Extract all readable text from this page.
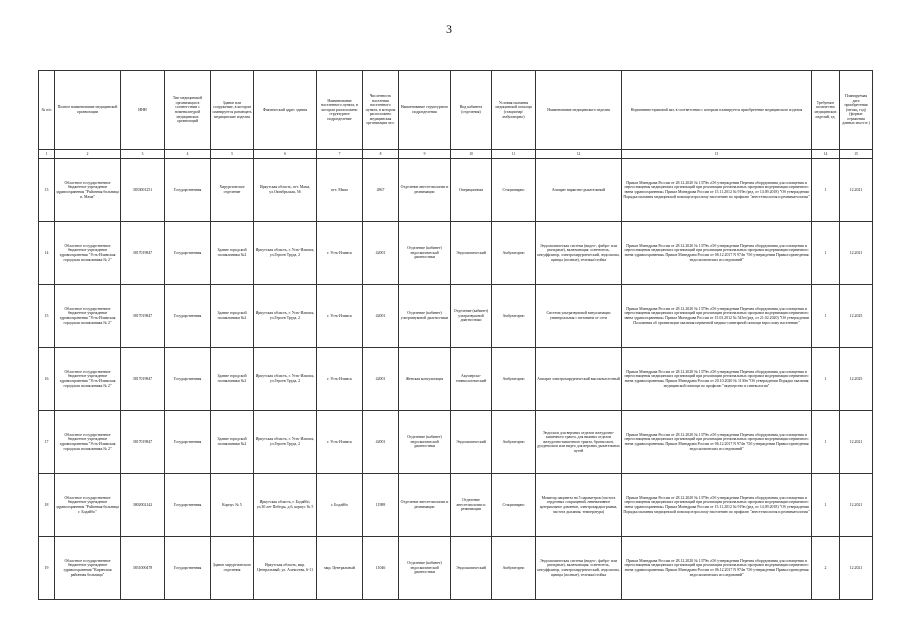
3
№ п/п	Полное наименование медицинской организации	ИНН	Тип медицинской организации в соответствии с номенклатурой медицинских организаций	Здание или сооружение, в котором планируется размещать медицинские изделия	Фактический адрес здания	Наименование населенного пункта, в котором расположено структурное подразделение	Численность населения населенного пункта, в котором расположено медицинская организация чел.	Наименование структурного подразделения	Вид кабинета (отделения)	Условия оказания медицинской помощи (стационар/амбулаторно)	Наименование медицинского изделия	Нормативно-правовой акт, в соответствии с которым планируется приобретение медицинского изделия	Требуемое количество медицинских изделий, ед.	Планируемая дата приобретения (месяц, год) (формат отражения данных мм.гггг.)
1	2	3	4	5	6	7	8	9	10	11	12	13	14	15
13	Областное государственное бюджетное учреждение здравоохранения "Районная больница п. Мама"	3833001251	Государственная	Хирургическое отделение	Иркутская область, пгт. Мама, ул.Октябрьская, 56	пгт. Мама	2867	Отделение анестезиологии и реанимации	Операционная	Стационарно	Аппарат наркозно-дыхательный	Приказ Минздрава России от 28.12.2020 № 1379н «Об утверждении Перечня оборудования для оснащения и переоснащения медицинских организаций при реализации региональных программ модернизации первичного звена здравоохранения» Приказ Минздрава России от 15.11.2012 № 919н (ред. от 14.09.2018) "Об утверждении Порядка оказания медицинской помощи взрослому населению по профилю "анестезиология и реаниматология"	1	12.2021
14	Областное государственное бюджетное учреждение здравоохранения "Усть-Илимская городская поликлиника № 2"	3817019847	Государственная	Здание городской поликлиники №2	Иркутская область, г. Усть-Илимск, ул.Героев Труда, 2	г. Усть-Илимск	42001	Отделение (кабинет) эндоскопической диагностики	Эндоскопический	Амбулаторно	Эндоскопическая система (видео-, фибро- или ригидные), включающая: осветитель, инсуффлятор, электрохирургический, эндоскопы, щипцы (полные), тележка/стойка	Приказ Минздрава России от 28.12.2020 № 1379н «Об утверждении Перечня оборудования для оснащения и переоснащения медицинских организаций при реализации региональных программ модернизации первичного звена здравоохранения» Приказ Минздрава России от 06.12.2017 N 974н "Об утверждении Правил проведения эндоскопических исследований"	1	12.2021
15	Областное государственное бюджетное учреждение здравоохранения "Усть-Илимская городская поликлиника № 2"	3817019847	Государственная	Здание городской поликлиники №2	Иркутская область, г. Усть-Илимск, ул.Героев Труда, 2	г. Усть-Илимск	42001	Отделение (кабинет) ультразвуковой диагностики	Отделение (кабинет) ультразвуковой диагностики	Амбулаторно	Система ультразвуковой визуализации универсальная с питанием от сети	Приказ Минздрава России от 28.12.2020 № 1379н «Об утверждении Перечня оборудования для оснащения и переоснащения медицинских организаций при реализации региональных программ модернизации первичного звена здравоохранения» Приказ Минздрава России от 15.03.2012 № 543н (ред. от 21.02.2020) "Об утверждении Положения об организации оказания первичной медико-санитарной помощи взрослому населению"	1	12.2025
16	Областное государственное бюджетное учреждение здравоохранения "Усть-Илимская городская поликлиника № 2"	3817019847	Государственная	Здание городской поликлиники №2	Иркутская область, г. Усть-Илимск, ул.Героев Труда, 2	г. Усть-Илимск	42001	Женская консультация	Акушерско-гинекологический	Амбулаторно	Аппарат электрохирургический высокочастотный	Приказ Минздрава России от 28.12.2020 № 1379н «Об утверждении Перечня оборудования для оснащения и переоснащения медицинских организаций при реализации региональных программ модернизации первичного звена здравоохранения» Приказ Минздрава России от 20.10.2020 № 1130н "Об утверждении Порядка оказания медицинской помощи по профилю "акушерство и гинекология"	1	12.2025
17	Областное государственное бюджетное учреждение здравоохранения "Усть-Илимская городская поликлиника № 2"	3817019847	Государственная	Здание городской поликлиники №2	Иркутская область, г. Усть-Илимск, ул.Героев Труда, 2	г. Усть-Илимск	42001	Отделение (кабинет) эндоскопической диагностики	Эндоскопический	Амбулаторно	Эндоскоп для верхних отделов желудочно-кишечного тракта, для нижних отделов желудочно-кишечного тракта, бронхоскоп, дуоденоскоп или видео для верхних дыхательных путей	Приказ Минздрава России от 28.12.2020 № 1379н «Об утверждении Перечня оборудования для оснащения и переоснащения медицинских организаций при реализации региональных программ модернизации первичного звена здравоохранения» Приказ Минздрава России от 06.12.2017 N 974н "Об утверждении Правил проведения эндоскопических исследований"	1	12.2021
18	Областное государственное бюджетное учреждение здравоохранения "Районная больница г. Бодайбо"	3802002142	Государственная	Корпус № 5	Иркутская область, г. Бодайбо, ул.30 лет Победы, д.6, корпус № 5	г. Бодайбо	11988	Отделение анестезиологии и реанимации	Отделение анестезиологии и реанимации	Стационарно	Монитор пациента на 5 параметров (частота сердечных сокращений, неинвазивное артериальное давление, электрокардиограмма, частота дыхания, температура)	Приказ Минздрава России от 28.12.2020 № 1379н «Об утверждении Перечня оборудования для оснащения и переоснащения медицинских организаций при реализации региональных программ модернизации первичного звена здравоохранения» Приказ Минздрава России от 15.11.2012 № 919н (ред. от 14.09.2018) "Об утверждении Порядка оказания медицинской помощи взрослому населению по профилю "анестезиология и реаниматология"	1	12.2021
19	Областное государственное бюджетное учреждение здравоохранения "Киренская районная больница"	3831000478	Государственная	Здание хирургического отделения	Иркутская область, мкр. Центральный, ул. Алексеева, 6-11	мкр. Центральный	11046	Отделение (кабинет) эндоскопической диагностики	Эндоскопический	Амбулаторно	Эндоскопическая система (видео-, фибро- или ригидные), включающая: осветитель, инсуффлятор, электрохирургический, эндоскопы, щипцы (полные), тележка/стойка	Приказ Минздрава России от 28.12.2020 № 1379н «Об утверждении Перечня оборудования для оснащения и переоснащения медицинских организаций при реализации региональных программ модернизации первичного звена здравоохранения» Приказ Минздрава России от 06.12.2017 N 974н "Об утверждении Правил проведения эндоскопических исследований"	2	12.2021
